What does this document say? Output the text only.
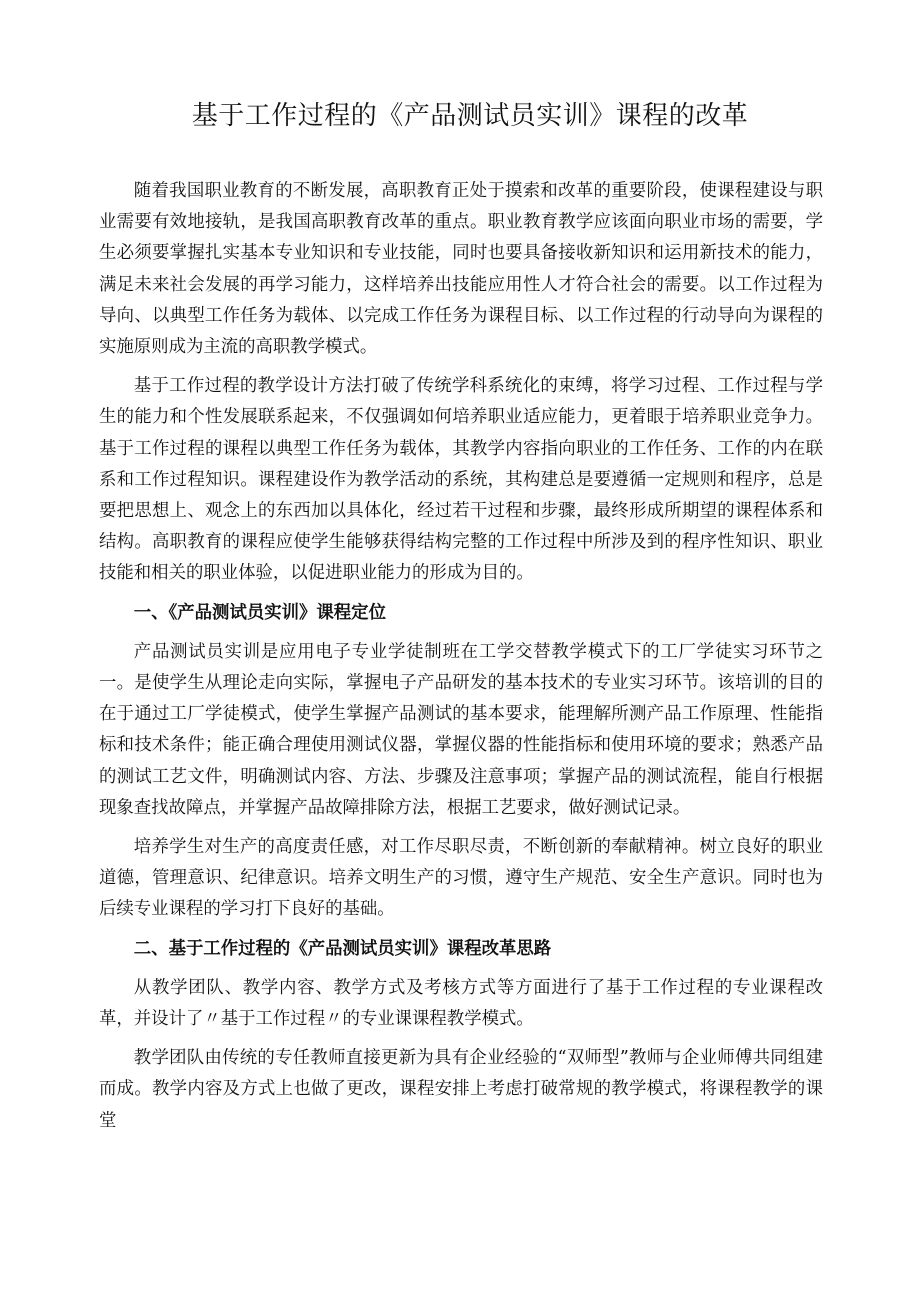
基于工作过程的《产品测试员实训》课程的改革

随着我国职业教育的不断发展，高职教育正处于摸索和改革的重要阶段，使课程建设与职业需要有效地接轨，是我国高职教育改革的重点。职业教育教学应该面向职业市场的需要，学生必须要掌握扎实基本专业知识和专业技能，同时也要具备接收新知识和运用新技术的能力，满足未来社会发展的再学习能力，这样培养出技能应用性人才符合社会的需要。以工作过程为导向、以典型工作任务为载体、以完成工作任务为课程目标、以工作过程的行动导向为课程的实施原则成为主流的高职教学模式。

基于工作过程的教学设计方法打破了传统学科系统化的束缚，将学习过程、工作过程与学生的能力和个性发展联系起来，不仅强调如何培养职业适应能力，更着眼于培养职业竞争力。基于工作过程的课程以典型工作任务为载体，其教学内容指向职业的工作任务、工作的内在联系和工作过程知识。课程建设作为教学活动的系统，其构建总是要遵循一定规则和程序，总是要把思想上、观念上的东西加以具体化，经过若干过程和步骤，最终形成所期望的课程体系和结构。高职教育的课程应使学生能够获得结构完整的工作过程中所涉及到的程序性知识、职业技能和相关的职业体验，以促进职业能力的形成为目的。

一、《产品测试员实训》课程定位

产品测试员实训是应用电子专业学徒制班在工学交替教学模式下的工厂学徒实习环节之一。是使学生从理论走向实际，掌握电子产品研发的基本技术的专业实习环节。该培训的目的在于通过工厂学徒模式，使学生掌握产品测试的基本要求，能理解所测产品工作原理、性能指标和技术条件；能正确合理使用测试仪器，掌握仪器的性能指标和使用环境的要求；熟悉产品的测试工艺文件，明确测试内容、方法、步骤及注意事项；掌握产品的测试流程，能自行根据现象查找故障点，并掌握产品故障排除方法，根据工艺要求，做好测试记录。

培养学生对生产的高度责任感，对工作尽职尽责，不断创新的奉献精神。树立良好的职业道德，管理意识、纪律意识。培养文明生产的习惯，遵守生产规范、安全生产意识。同时也为后续专业课程的学习打下良好的基础。

二、基于工作过程的《产品测试员实训》课程改革思路

从教学团队、教学内容、教学方式及考核方式等方面进行了基于工作过程的专业课程改革，并设计了〃基于工作过程〃的专业课课程教学模式。

教学团队由传统的专任教师直接更新为具有企业经验的“双师型”教师与企业师傅共同组建而成。教学内容及方式上也做了更改，课程安排上考虑打破常规的教学模式，将课程教学的课堂
